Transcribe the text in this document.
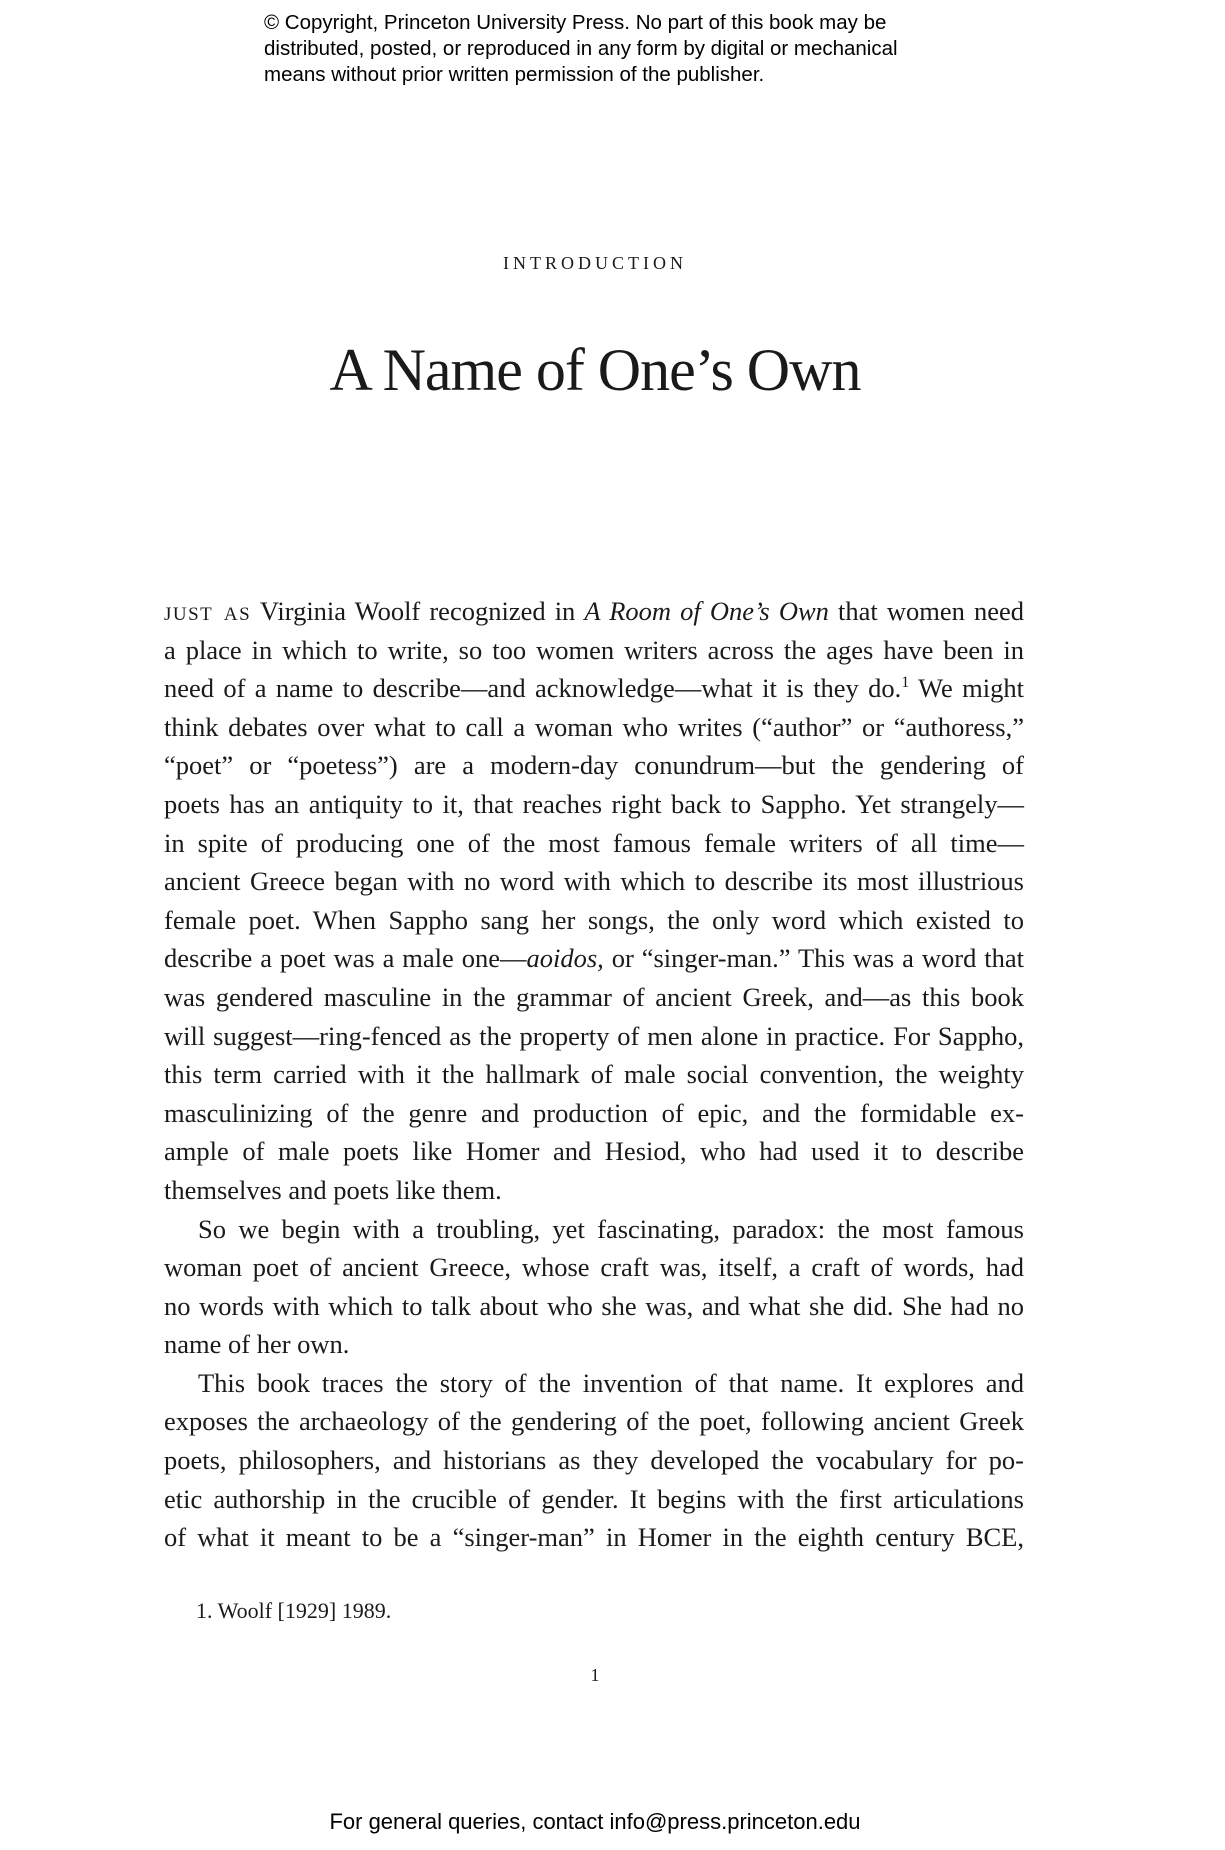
© Copyright, Princeton University Press. No part of this book may be

distributed, posted, or reproduced in any form by digital or mechanical

means without prior written permission of the publisher.

introduction
A Name of One’s Own
just as Virginia Woolf recognized in A Room of One’s Own that women need
a place in which to write, so too women writers across the ages have been in
need of a name to describe—and acknowledge—what it is they do.$^1$ We might
think debates over what to call a woman who writes (“author” or “authoress,”
“poet” or “poetess”) are a modern-day conundrum—but the gendering of
poets has an antiquity to it, that reaches right back to Sappho. Yet strangely—
in spite of producing one of the most famous female writers of all time—
ancient Greece began with no word with which to describe its most illustrious
female poet. When Sappho sang her songs, the only word which existed to
describe a poet was a male one—aoidos, or “singer-man.” This was a word that
was gendered masculine in the grammar of ancient Greek, and—as this book
will suggest—ring-fenced as the property of men alone in practice. For Sappho,
this term carried with it the hallmark of male social convention, the weighty
masculinizing of the genre and production of epic, and the formidable ex-
ample of male poets like Homer and Hesiod, who had used it to describe
themselves and poets like them.
So we begin with a troubling, yet fascinating, paradox: the most famous
woman poet of ancient Greece, whose craft was, itself, a craft of words, had
no words with which to talk about who she was, and what she did. She had no
name of her own.
This book traces the story of the invention of that name. It explores and
exposes the archaeology of the gendering of the poet, following ancient Greek
poets, philosophers, and historians as they developed the vocabulary for po-
etic authorship in the crucible of gender. It begins with the first articulations
of what it meant to be a “singer-man” in Homer in the eighth century BCE,
1. Woolf [1929] 1989.
1
For general queries, contact info@press.princeton.edu
